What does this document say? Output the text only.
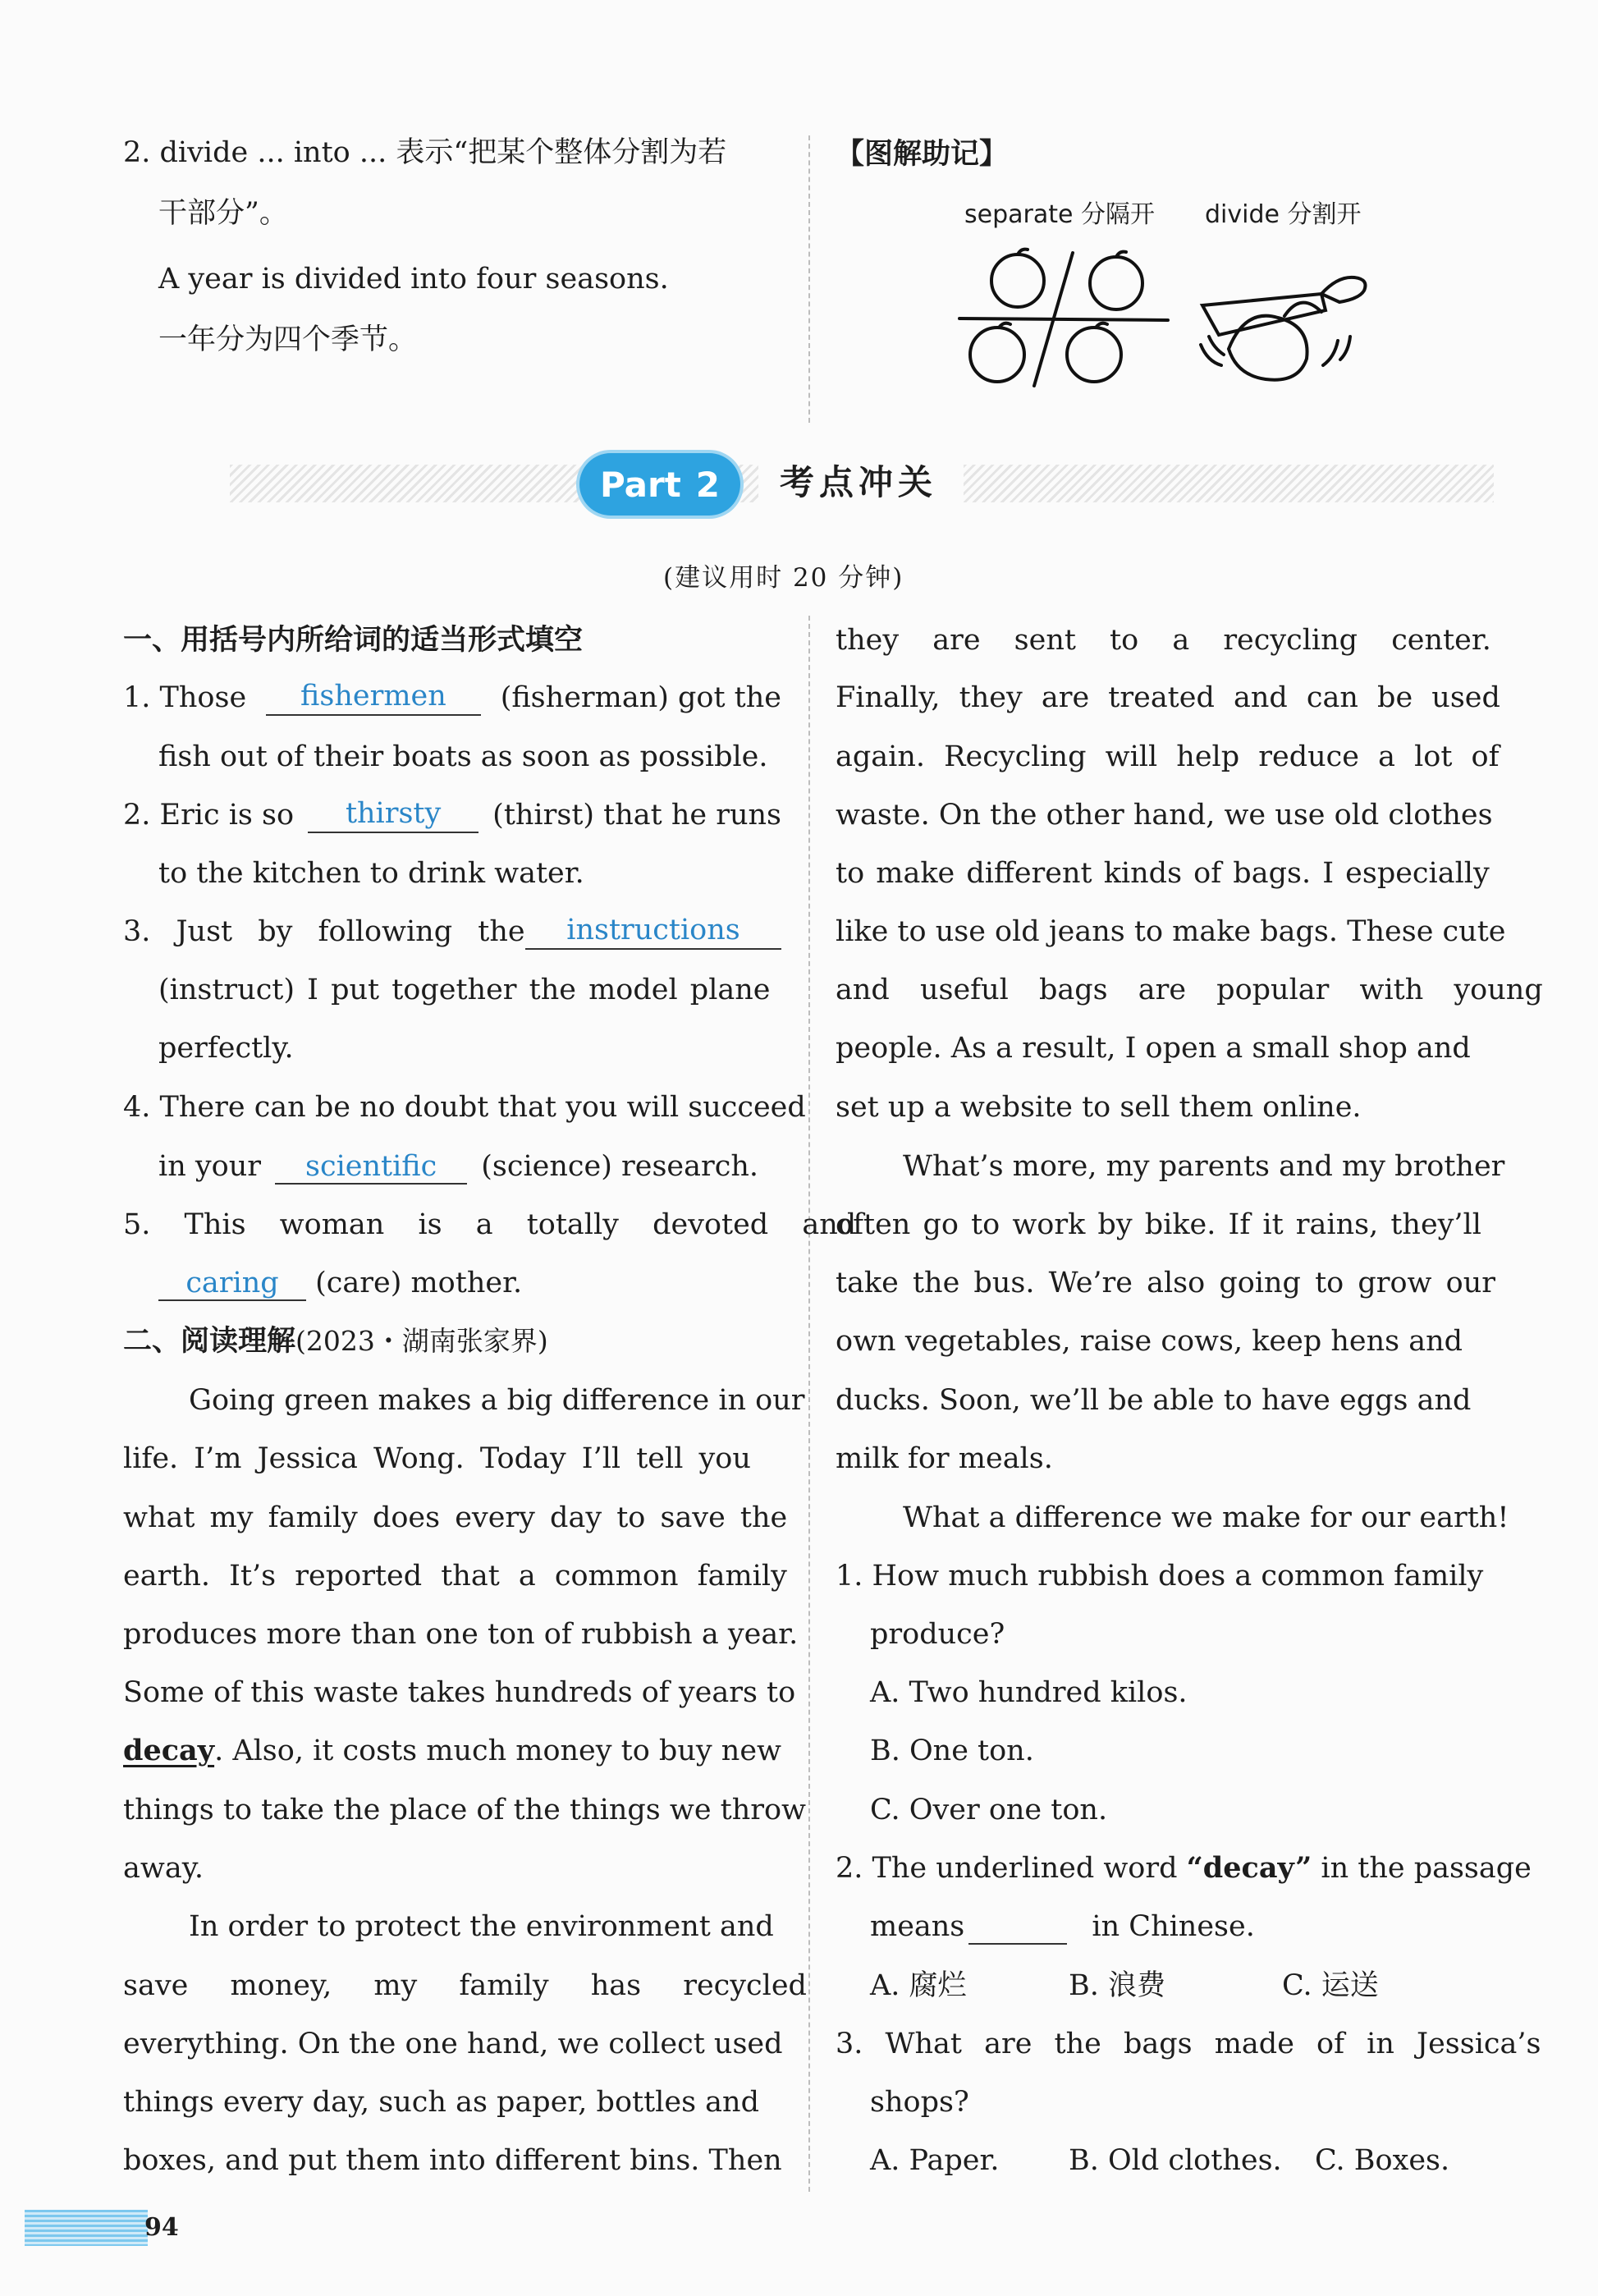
2. divide ... into ... 表示“把某个整体分割为若
干部分”。
A year is divided into four seasons.
一年分为四个季节。
【图解助记】
separate 分隔开 divide 分割开
Part 2 考点冲关
(建议用时 20 分钟)
一、用括号内所给词的适当形式填空
1. Those	fishermen	(fisherman) got the
fish out of their boats as soon as possible.
2. Eric is so	thirsty	(thirst) that he runs
to the kitchen to drink water.
3. Just by following the	instructions
(instruct) I put together the model plane
perfectly.
4. There can be no doubt that you will succeed
in your scientific (science) research.
5. This woman is a totally devoted and
caring (care) mother.
二、阅读理解(2023・湖南张家界)
Going green makes a big difference in our
life. I’m Jessica Wong. Today I’ll tell you
what my family does every day to save the
earth. It’s reported that a common family
produces more than one ton of rubbish a year.
Some of this waste takes hundreds of years to
decay. Also, it costs much money to buy new
things to take the place of the things we throw
away.
In order to protect the environment and
save money, my family has recycled
everything. On the one hand, we collect used
things every day, such as paper, bottles and
boxes, and put them into different bins. Then
they are sent to a recycling center.
Finally, they are treated and can be used
again. Recycling will help reduce a lot of
waste. On the other hand, we use old clothes
to make different kinds of bags. I especially
like to use old jeans to make bags. These cute
and useful bags are popular with young
people. As a result, I open a small shop and
set up a website to sell them online.
What’s more, my parents and my brother
often go to work by bike. If it rains, they’ll
take the bus. We’re also going to grow our
own vegetables, raise cows, keep hens and
ducks. Soon, we’ll be able to have eggs and
milk for meals.
What a difference we make for our earth!
1. How much rubbish does a common family
produce?
A. Two hundred kilos.
B. One ton.
C. Over one ton.
2. The underlined word “decay” in the passage
means	in Chinese.
A. 腐烂	B. 浪费	C. 运送
3. What are the bags made of in Jessica’s
shops?
A. Paper. B. Old clothes. C. Boxes.
94
